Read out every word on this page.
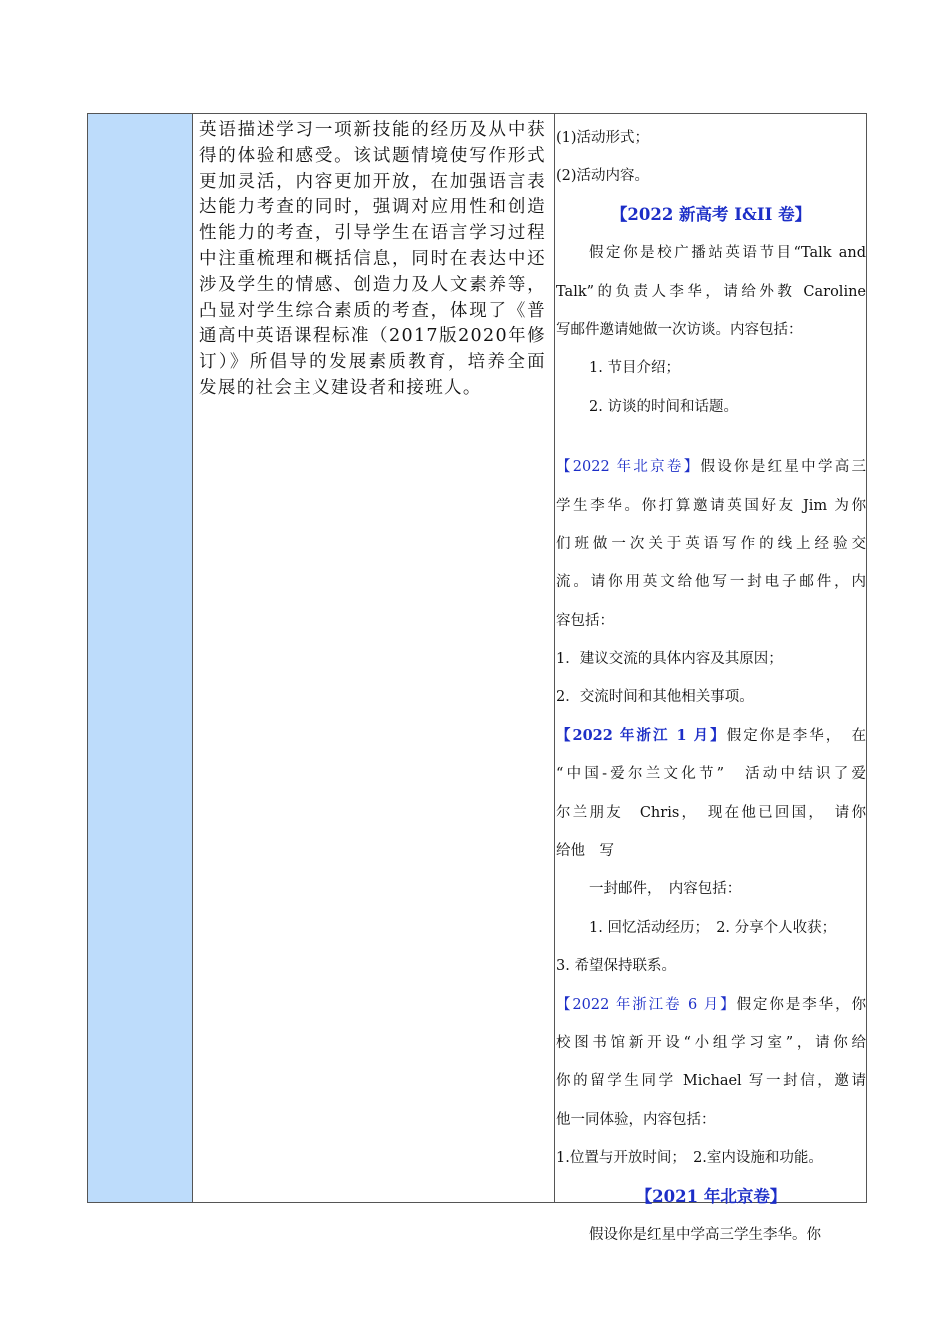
英语描述学习一项新技能的经历及从中获得的体验和感受。该试题情境使写作形式更加灵活，内容更加开放，在加强语言表达能力考查的同时，强调对应用性和创造性能力的考查，引导学生在语言学习过程中注重梳理和概括信息，同时在表达中还涉及学生的情感、创造力及人文素养等，凸显对学生综合素质的考查，体现了《普通高中英语课程标准（2017版2020年修订）》所倡导的发展素质教育，培养全面发展的社会主义建设者和接班人。

(1)活动形式；

(2)活动内容。

【2022 新高考 I&II 卷】

假定你是校广播站英语节目“Talk and

Talk”的负责人李华，请给外教 Caroline

写邮件邀请她做一次访谈。内容包括：

1. 节目介绍；

2. 访谈的时间和话题。

【2022 年北京卷】假设你是红星中学高三

学生李华。你打算邀请英国好友 Jim 为你

们班做一次关于英语写作的线上经验交

流。请你用英文给他写一封电子邮件，内

容包括：

1．建议交流的具体内容及其原因；

2．交流时间和其他相关事项。

【2022 年浙江 1 月】假定你是李华，　在

“中国-爱尔兰文化节”　活动中结识了爱

尔兰朋友　Chris，　现在他已回国，　请你

给他　写

一封邮件，　内容包括：

1. 回忆活动经历；　2. 分享个人收获；

3. 希望保持联系。

【2022 年浙江卷 6 月】假定你是李华，你

校图书馆新开设“小组学习室”，请你给

你的留学生同学 Michael 写一封信，邀请

他一同体验，内容包括：

1.位置与开放时间；　2.室内设施和功能。

【2021 年北京卷】

假设你是红星中学高三学生李华。你
